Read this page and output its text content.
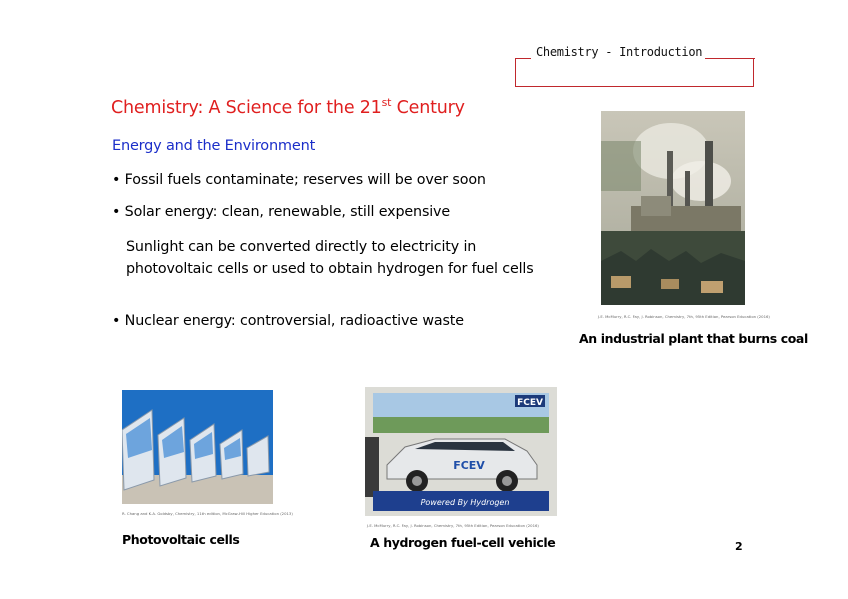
Chemistry - Introduction
Chemistry: A Science for the 21st Century
Energy and the Environment
• Fossil fuels contaminate; reserves will be over soon
• Solar energy: clean, renewable, still expensive
Sunlight can be converted directly to electricity in photovoltaic cells or used to obtain hydrogen for fuel cells
• Nuclear energy: controversial, radioactive waste	J.E. McMurry, R.C. Fay, J. Robinson, Chemistry, 7th, 95th Edition, Pearson Education (2016)
An industrial plant that burns coal
R. Chang and K.A. Goldsby, Chemistry, 11th edition, McGraw-Hill Higher Education (2013)
Photovoltaic cells
FCEV
FCEV
Powered By Hydrogen
J.E. McMurry, R.C. Fay, J. Robinson, Chemistry, 7th, 95th Edition, Pearson Education (2016)
A hydrogen fuel-cell vehicle	2
